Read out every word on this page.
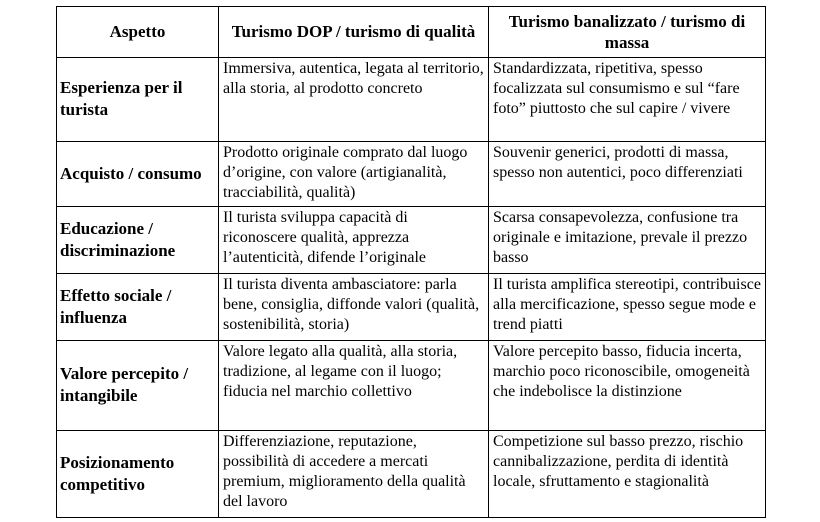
Aspetto	Turismo DOP / turismo di qualità	Turismo banalizzato / turismo di massa
Esperienza per il turista	Immersiva, autentica, legata al territorio, alla storia, al prodotto concreto	Standardizzata, ripetitiva, spesso focalizzata sul consumismo e sul “fare foto” piuttosto che sul capire / vivere
Acquisto / consumo	Prodotto originale comprato dal luogo d’origine, con valore (artigianalità, tracciabilità, qualità)	Souvenir generici, prodotti di massa, spesso non autentici, poco differenziati
Educazione / discriminazione	Il turista sviluppa capacità di riconoscere qualità, apprezza l’autenticità, difende l’originale	Scarsa consapevolezza, confusione tra originale e imitazione, prevale il prezzo basso
Effetto sociale / influenza	Il turista diventa ambasciatore: parla bene, consiglia, diffonde valori (qualità, sostenibilità, storia)	Il turista amplifica stereotipi, contribuisce alla mercificazione, spesso segue mode e trend piatti
Valore percepito / intangibile	Valore legato alla qualità, alla storia, tradizione, al legame con il luogo; fiducia nel marchio collettivo	Valore percepito basso, fiducia incerta, marchio poco riconoscibile, omogeneità che indebolisce la distinzione
Posizionamento competitivo	Differenziazione, reputazione, possibilità di accedere a mercati premium, miglioramento della qualità del lavoro	Competizione sul basso prezzo, rischio cannibalizzazione, perdita di identità locale, sfruttamento e stagionalità
